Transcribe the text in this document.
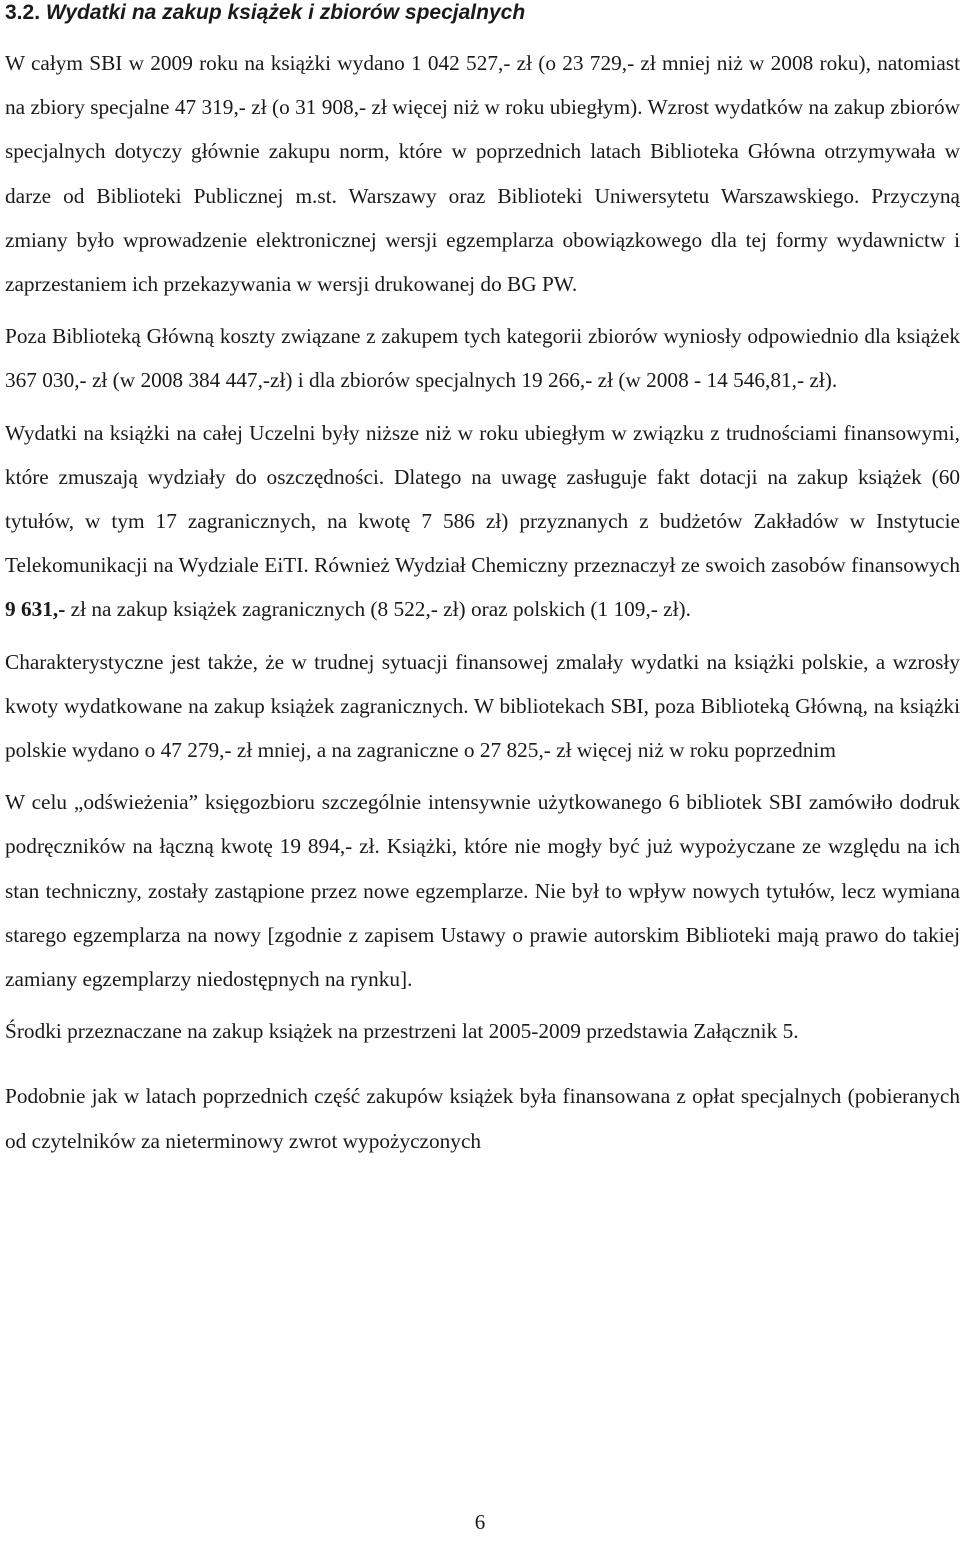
3.2. Wydatki na zakup książek i zbiorów specjalnych

W całym SBI w 2009 roku na książki wydano 1 042 527,- zł (o 23 729,- zł mniej niż w 2008 roku), natomiast na zbiory specjalne 47 319,- zł (o 31 908,- zł więcej niż w roku ubiegłym). Wzrost wydatków na zakup zbiorów specjalnych dotyczy głównie zakupu norm, które w poprzednich latach Biblioteka Główna otrzymywała w darze od Biblioteki Publicznej m.st. Warszawy oraz Biblioteki Uniwersytetu Warszawskiego. Przyczyną zmiany było wprowadzenie elektronicznej wersji egzemplarza obowiązkowego dla tej formy wydawnictw i zaprzestaniem ich przekazywania w wersji drukowanej do BG PW.

Poza Biblioteką Główną koszty związane z zakupem tych kategorii zbiorów wyniosły odpowiednio dla książek 367 030,- zł (w 2008 384 447,-zł) i dla zbiorów specjalnych 19 266,- zł (w 2008 - 14 546,81,- zł).

Wydatki na książki na całej Uczelni były niższe niż w roku ubiegłym w związku z trudnościami finansowymi, które zmuszają wydziały do oszczędności. Dlatego na uwagę zasługuje fakt dotacji na zakup książek (60 tytułów, w tym 17 zagranicznych, na kwotę 7 586 zł) przyznanych z budżetów Zakładów w Instytucie Telekomunikacji na Wydziale EiTI. Również Wydział Chemiczny przeznaczył ze swoich zasobów finansowych 9 631,- zł na zakup książek zagranicznych (8 522,- zł) oraz polskich (1 109,- zł).

Charakterystyczne jest także, że w trudnej sytuacji finansowej zmalały wydatki na książki polskie, a wzrosły kwoty wydatkowane na zakup książek zagranicznych. W bibliotekach SBI, poza Biblioteką Główną, na książki polskie wydano o 47 279,- zł mniej, a na zagraniczne o 27 825,- zł więcej niż w roku poprzednim

W celu „odświeżenia” księgozbioru szczególnie intensywnie użytkowanego 6 bibliotek SBI zamówiło dodruk podręczników na łączną kwotę 19 894,- zł. Książki, które nie mogły być już wypożyczane ze względu na ich stan techniczny, zostały zastąpione przez nowe egzemplarze. Nie był to wpływ nowych tytułów, lecz wymiana starego egzemplarza na nowy [zgodnie z zapisem Ustawy o prawie autorskim Biblioteki mają prawo do takiej zamiany egzemplarzy niedostępnych na rynku].

Środki przeznaczane na zakup książek na przestrzeni lat 2005-2009 przedstawia Załącznik 5.

Podobnie jak w latach poprzednich część zakupów książek była finansowana z opłat specjalnych (pobieranych od czytelników za nieterminowy zwrot wypożyczonych

6
